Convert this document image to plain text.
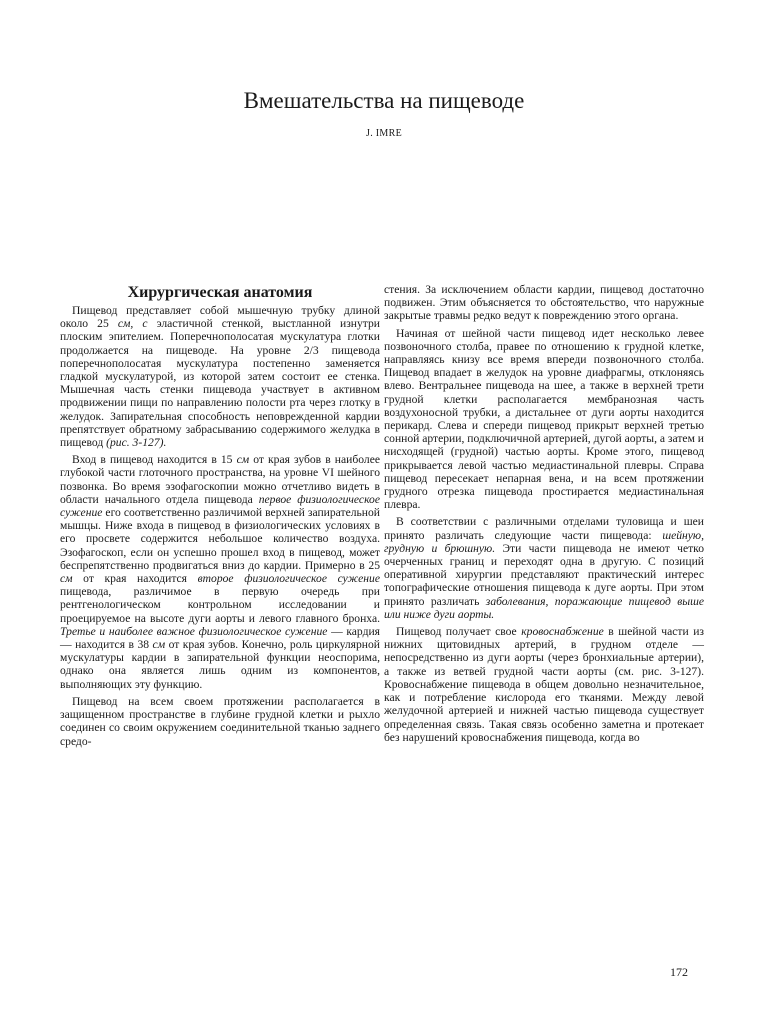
Вмешательства на пищеводе
J. IMRE
Хирургическая анатомия

Пищевод представляет собой мышечную трубку длиной около 25 см, с эластичной стенкой, выстланной изнутри плоским эпителием. Поперечнополосатая мускулатура глотки продолжается на пищеводе. На уровне 2/3 пищевода поперечнополосатая мускулатура постепенно заменяется гладкой мускулатурой, из которой затем состоит ее стенка. Мышечная часть стенки пищевода участвует в активном продвижении пищи по направлению полости рта через глотку в желудок. Запирательная способность неповрежденной кардии препятствует обратному забрасыванию содержимого желудка в пищевод (рис. 3-127).

Вход в пищевод находится в 15 см от края зубов в наиболее глубокой части глоточного пространства, на уровне VI шейного позвонка. Во время эзофагоскопии можно отчетливо видеть в области начального отдела пищевода первое физиологическое сужение его соответственно различимой верхней запирательной мышцы. Ниже входа в пищевод в физиологических условиях в его просвете содержится небольшое количество воздуха. Эзофагоскоп, если он успешно прошел вход в пищевод, может беспрепятственно продвигаться вниз до кардии. Примерно в 25 см от края находится второе физиологическое сужение пищевода, различимое в первую очередь при рентгенологическом контрольном исследовании и проецируемое на высоте дуги аорты и левого главного бронха. Третье и наиболее важное физиологическое сужение — кардия — находится в 38 см от края зубов. Конечно, роль циркулярной мускулатуры кардии в запирательной функции неоспорима, однако она является лишь одним из компонентов, выполняющих эту функцию.

Пищевод на всем своем протяжении располагается в защищенном пространстве в глубине грудной клетки и рыхло соединен со своим окружением соединительной тканью заднего средо-

стения. За исключением области кардии, пищевод достаточно подвижен. Этим объясняется то обстоятельство, что наружные закрытые травмы редко ведут к повреждению этого органа.

Начиная от шейной части пищевод идет несколько левее позвоночного столба, правее по отношению к грудной клетке, направляясь книзу все время впереди позвоночного столба. Пищевод впадает в желудок на уровне диафрагмы, отклоняясь влево. Вентральнее пищевода на шее, а также в верхней трети грудной клетки располагается мембранозная часть воздухоносной трубки, а дистальнее от дуги аорты находится перикард. Слева и спереди пищевод прикрыт верхней третью сонной артерии, подключичной артерией, дугой аорты, а затем и нисходящей (грудной) частью аорты. Кроме этого, пищевод прикрывается левой частью медиастинальной плевры. Справа пищевод пересекает непарная вена, и на всем протяжении грудного отрезка пищевода простирается медиастинальная плевра.

В соответствии с различными отделами туловища и шеи принято различать следующие части пищевода: шейную, грудную и брюшную. Эти части пищевода не имеют четко очерченных границ и переходят одна в другую. С позиций оперативной хирургии представляют практический интерес топографические отношения пищевода к дуге аорты. При этом принято различать заболевания, поражающие пищевод выше или ниже дуги аорты.

Пищевод получает свое кровоснабжение в шейной части из нижних щитовидных артерий, в грудном отделе — непосредственно из дуги аорты (через бронхиальные артерии), а также из ветвей грудной части аорты (см. рис. 3-127). Кровоснабжение пищевода в общем довольно незначительное, как и потребление кислорода его тканями. Между левой желудочной артерией и нижней частью пищевода существует определенная связь. Такая связь особенно заметна и протекает без нарушений кровоснабжения пищевода, когда во

172
